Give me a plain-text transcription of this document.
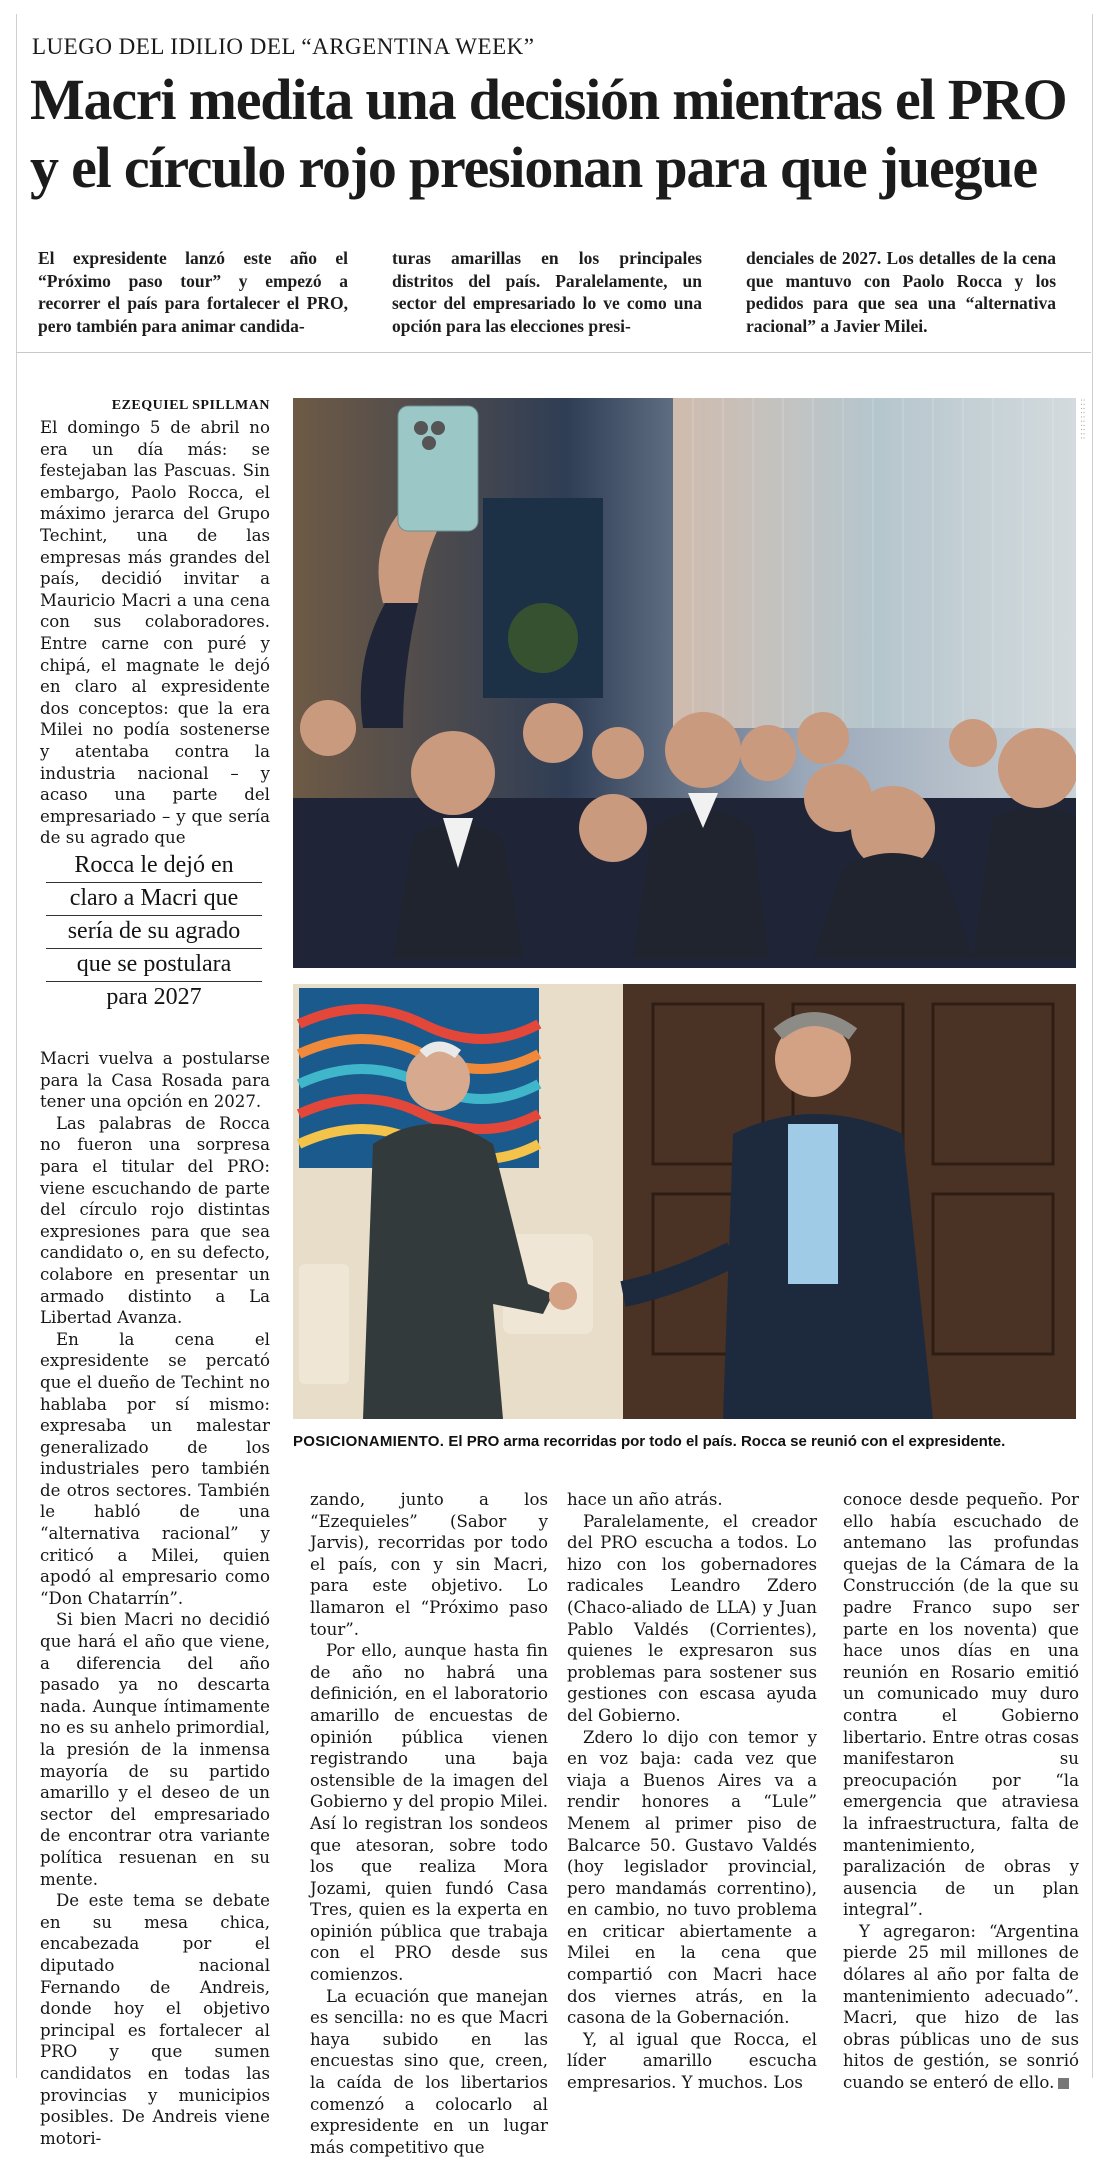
LUEGO DEL IDILIO DEL “ARGENTINA WEEK”
Macri medita una decisión mientras el PRO
y el círculo rojo presionan para que juegue
El expresidente lanzó este año el “Próximo paso tour” y empezó a recorrer el país para fortalecer el PRO, pero también para animar candida-
turas amarillas en los principales distritos del país. Paralelamente, un sector del empresariado lo ve como una opción para las elecciones presi-
denciales de 2027. Los detalles de la cena que mantuvo con Paolo Rocca y los pedidos para que sea una “alternativa racional” a Javier Milei.
EZEQUIEL SPILLMAN	::::::::::

El domingo 5 de abril no era un día más: se festejaban las Pascuas. Sin embargo, Paolo Rocca, el máximo jerarca del Grupo Techint, una de las empresas más grandes del país, decidió invitar a Mauricio Macri a una cena con sus colaboradores. Entre carne con puré y chipá, el magnate le dejó en claro al expresidente dos conceptos: que la era Milei no podía sostenerse y atentaba contra la industria nacional – y acaso una parte del empresariado – y que sería de su agrado que

Rocca le dejó en
claro a Macri que
sería de su agrado
que se postulara
para 2027

Macri vuelva a postularse para la Casa Rosada para tener una opción en 2027.

Las palabras de Rocca no fueron una sorpresa para el titular del PRO: viene escuchando de parte del círculo rojo distintas expresiones para que sea candidato o, en su defecto, colabore en presentar un armado distinto a La Libertad Avanza.

En la cena el expresidente se percató que el dueño de Techint no hablaba por sí mismo: expresaba un malestar generalizado de los industriales pero también de otros sectores. También le habló de una “alternativa racional” y criticó a Milei, quien apodó al empresario como “Don Chatarrín”.

Si bien Macri no decidió que hará el año que viene, a diferencia del año pasado ya no descarta nada. Aunque íntimamente no es su anhelo primordial, la presión de la inmensa mayoría de su partido amarillo y el deseo de un sector del empresariado de encontrar otra variante política resuenan en su mente.

De este tema se debate en su mesa chica, encabezada por el diputado nacional Fernando de Andreis, donde hoy el objetivo principal es fortalecer al PRO y que sumen candidatos en todas las provincias y municipios posibles. De Andreis viene motori-

POSICIONAMIENTO. El PRO arma recorridas por todo el país. Rocca se reunió con el expresidente.

zando, junto a los “Ezequieles” (Sabor y Jarvis), recorridas por todo el país, con y sin Macri, para este objetivo. Lo llamaron el “Próximo paso tour”.

Por ello, aunque hasta fin de año no habrá una definición, en el laboratorio amarillo de encuestas de opinión pública vienen registrando una baja ostensible de la imagen del Gobierno y del propio Milei. Así lo registran los sondeos que atesoran, sobre todo los que realiza Mora Jozami, quien fundó Casa Tres, quien es la experta en opinión pública que trabaja con el PRO desde sus comienzos.

La ecuación que manejan es sencilla: no es que Macri haya subido en las encuestas sino que, creen, la caída de los libertarios comenzó a colocarlo al expresidente en un lugar más competitivo que

hace un año atrás.

Paralelamente, el creador del PRO escucha a todos. Lo hizo con los gobernadores radicales Leandro Zdero (Chaco-aliado de LLA) y Juan Pablo Valdés (Corrientes), quienes le expresaron sus problemas para sostener sus gestiones con escasa ayuda del Gobierno.

Zdero lo dijo con temor y en voz baja: cada vez que viaja a Buenos Aires va a rendir honores a “Lule” Menem al primer piso de Balcarce 50. Gustavo Valdés (hoy legislador provincial, pero mandamás correntino), en cambio, no tuvo problema en criticar abiertamente a Milei en la cena que compartió con Macri hace dos viernes atrás, en la casona de la Gobernación.

Y, al igual que Rocca, el líder amarillo escucha empresarios. Y muchos. Los

conoce desde pequeño. Por ello había escuchado de antemano las profundas quejas de la Cámara de la Construcción (de la que su padre Franco supo ser parte en los noventa) que hace unos días en una reunión en Rosario emitió un comunicado muy duro contra el Gobierno libertario. Entre otras cosas manifestaron su preocupación por “la emergencia que atraviesa la infraestructura, falta de mantenimiento, paralización de obras y ausencia de un plan integral”.

Y agregaron: “Argentina pierde 25 mil millones de dólares al año por falta de mantenimiento adecuado”. Macri, que hizo de las obras públicas uno de sus hitos de gestión, se sonrió cuando se enteró de ello.
